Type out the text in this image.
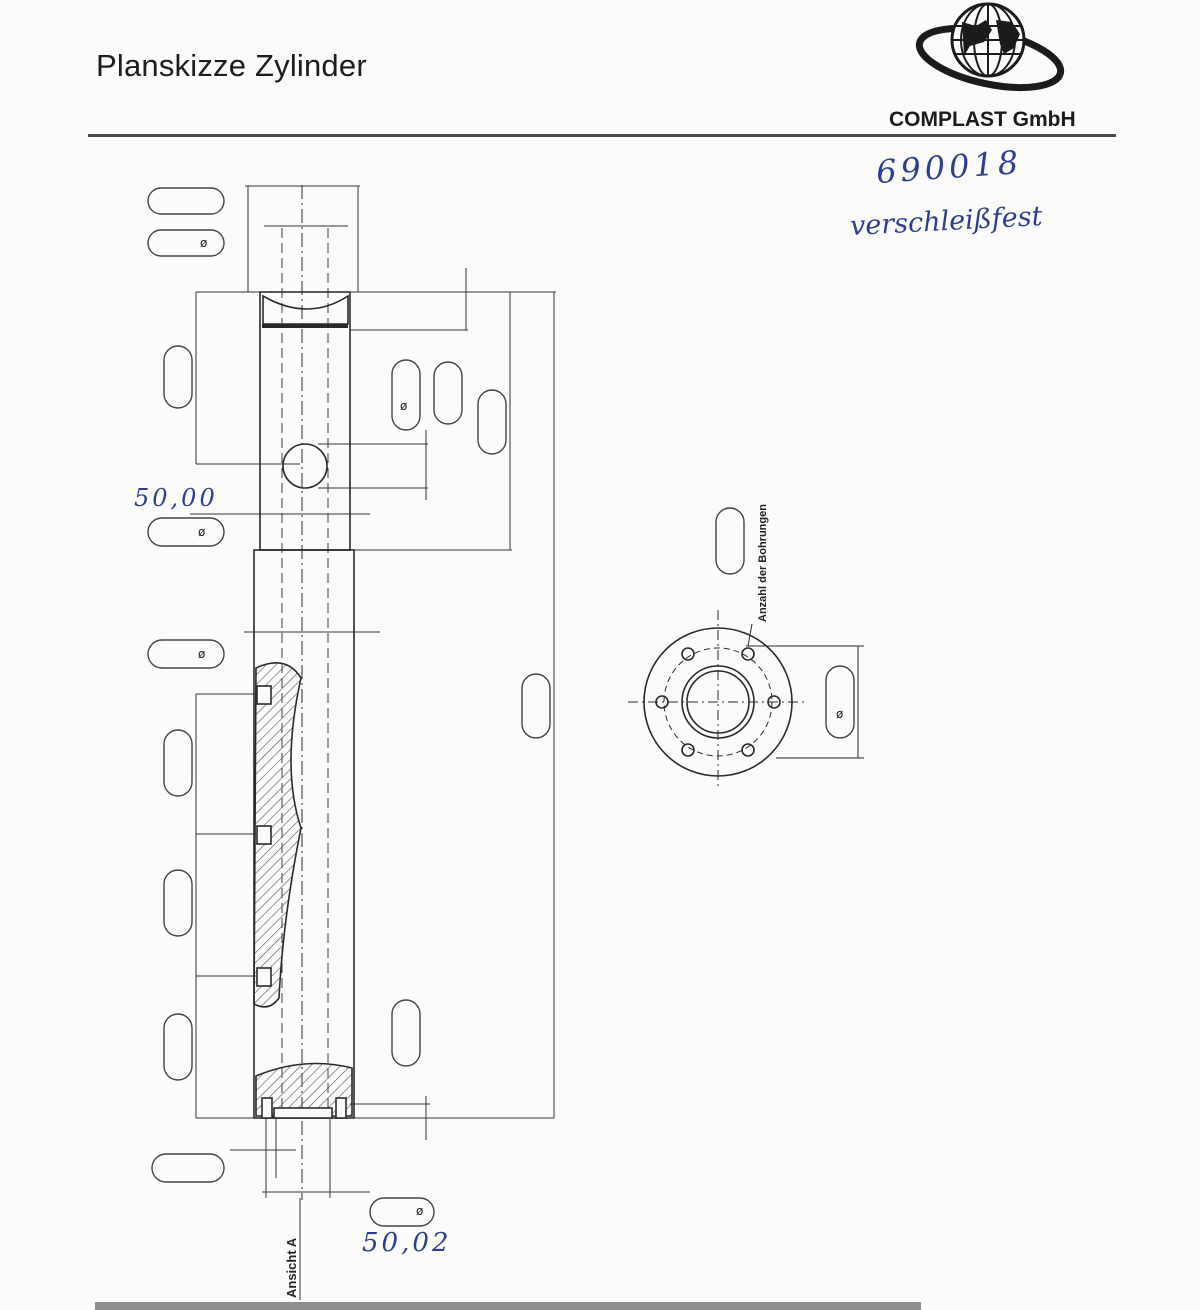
Planskizze Zylinder
COMPLAST GmbH
ø
ø
ø
ø
ø
ø
Ansicht A
Anzahl der Bohrungen
690018
verschleißfest
50,00
50,02
